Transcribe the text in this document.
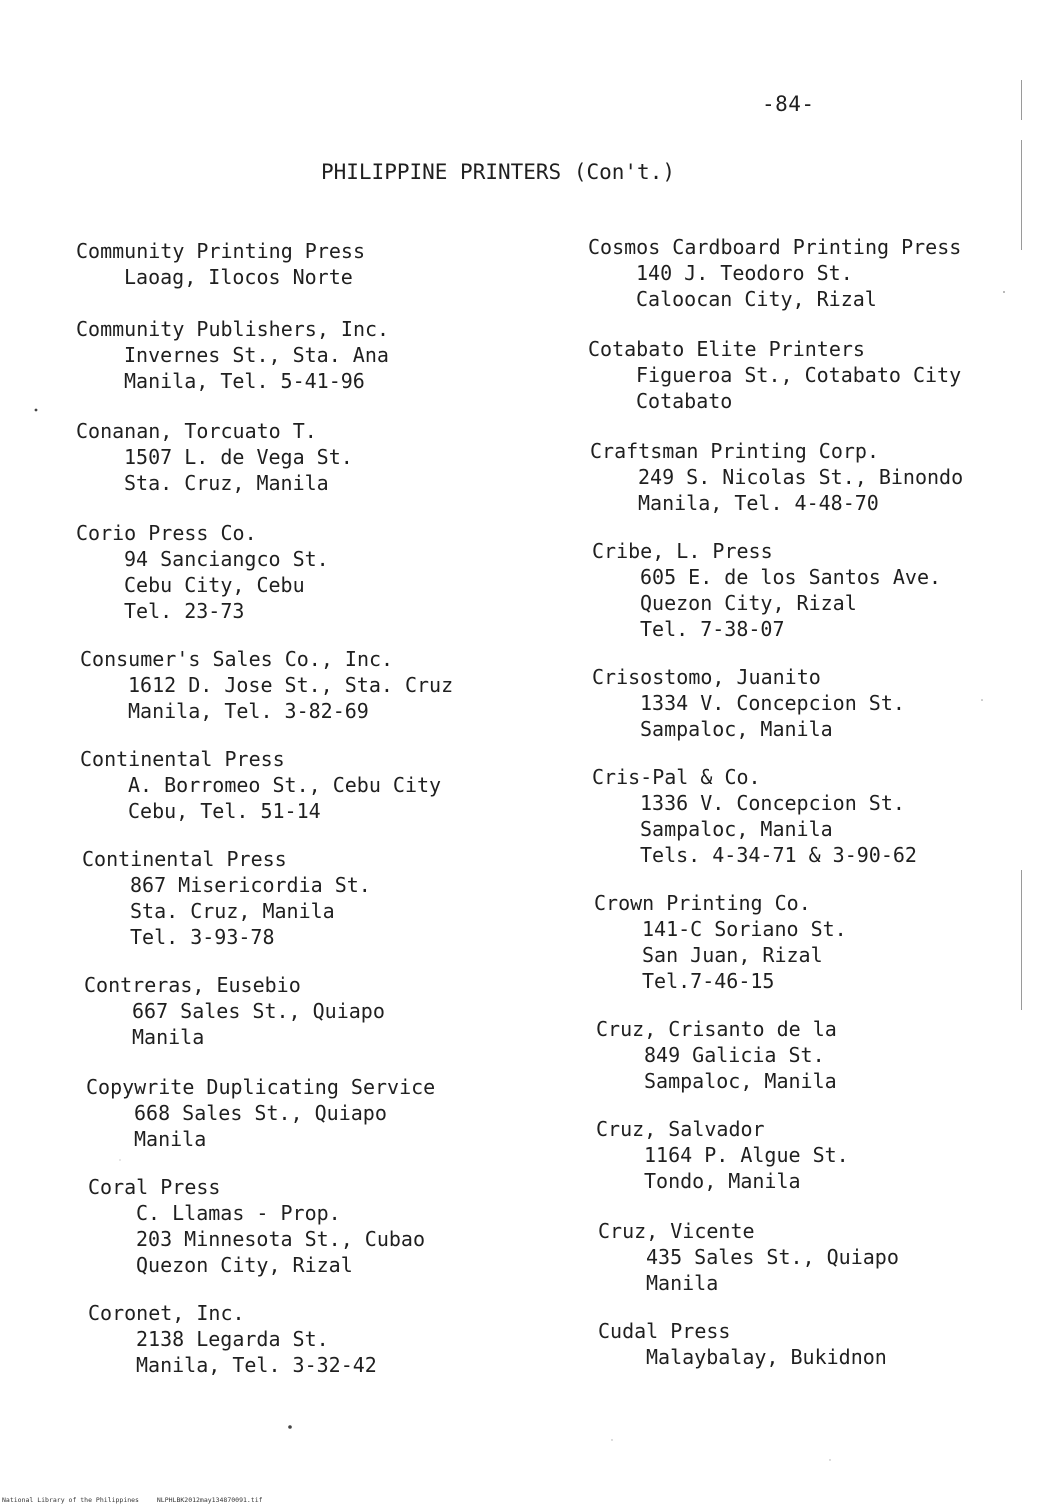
-84-
PHILIPPINE PRINTERS (Con't.)
Community Printing Press
Laoag, Ilocos Norte
Community Publishers, Inc.
Invernes St., Sta. Ana
Manila, Tel. 5-41-96
Conanan, Torcuato T.
1507 L. de Vega St.
Sta. Cruz, Manila
Corio Press Co.
94 Sanciangco St.
Cebu City, Cebu
Tel. 23-73
Consumer's Sales Co., Inc.
1612 D. Jose St., Sta. Cruz
Manila, Tel. 3-82-69
Continental Press
A. Borromeo St., Cebu City
Cebu, Tel. 51-14
Continental Press
867 Misericordia St.
Sta. Cruz, Manila
Tel. 3-93-78
Contreras, Eusebio
667 Sales St., Quiapo
Manila
Copywrite Duplicating Service
668 Sales St., Quiapo
Manila
Coral Press
C. Llamas - Prop.
203 Minnesota St., Cubao
Quezon City, Rizal
Coronet, Inc.
2138 Legarda St.
Manila, Tel. 3-32-42
Cosmos Cardboard Printing Press
140 J. Teodoro St.
Caloocan City, Rizal
Cotabato Elite Printers
Figueroa St., Cotabato City
Cotabato
Craftsman Printing Corp.
249 S. Nicolas St., Binondo
Manila, Tel. 4-48-70
Cribe, L. Press
605 E. de los Santos Ave.
Quezon City, Rizal
Tel. 7-38-07
Crisostomo, Juanito
1334 V. Concepcion St.
Sampaloc, Manila
Cris-Pal & Co.
1336 V. Concepcion St.
Sampaloc, Manila
Tels. 4-34-71 & 3-90-62
Crown Printing Co.
141-C Soriano St.
San Juan, Rizal
Tel.7-46-15
Cruz, Crisanto de la
849 Galicia St.
Sampaloc, Manila
Cruz, Salvador
1164 P. Algue St.
Tondo, Manila
Cruz, Vicente
435 Sales St., Quiapo
Manila
Cudal Press
Malaybalay, Bukidnon
National Library of the Philippines	NLPHLBK2012may134870091.tif
